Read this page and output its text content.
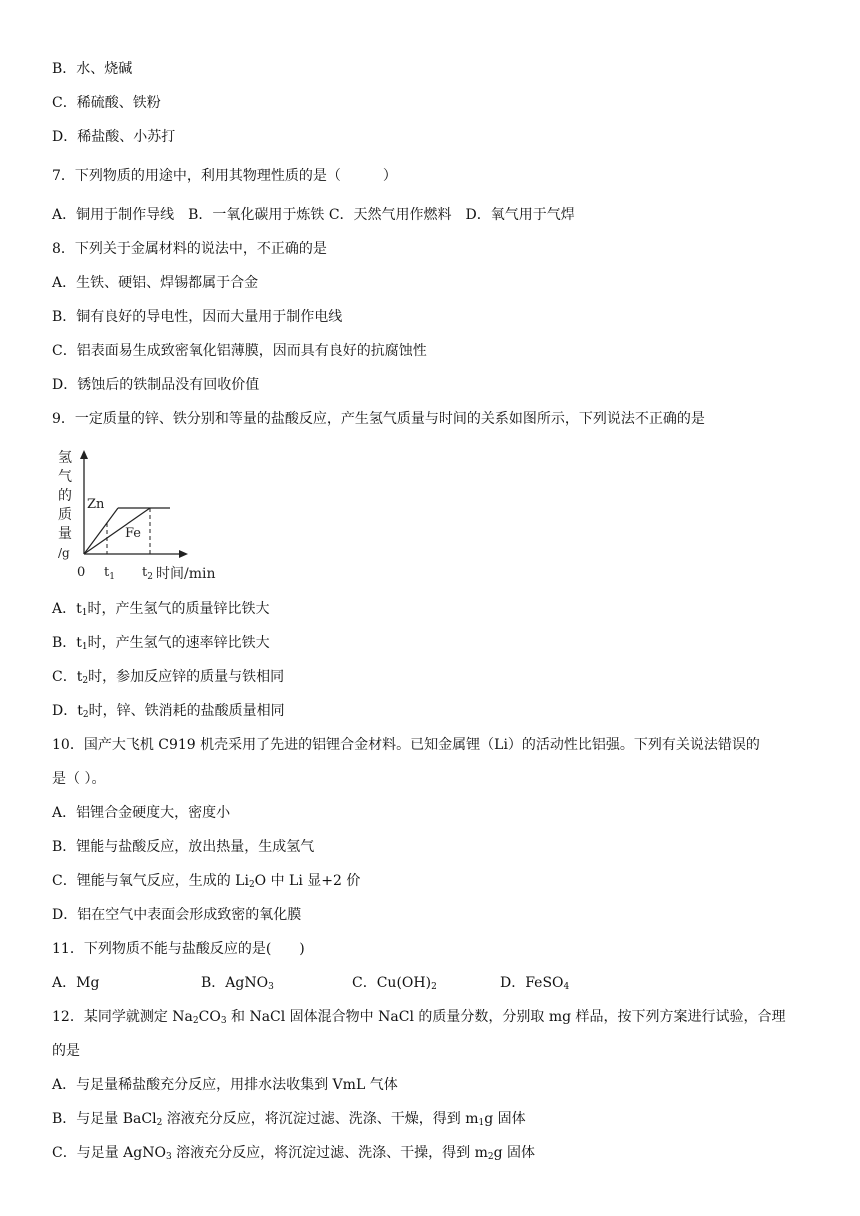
B．水、烧碱
C．稀硫酸、铁粉
D．稀盐酸、小苏打
7．下列物质的用途中，利用其物理性质的是（　　　）
A．铜用于制作导线　B．一氧化碳用于炼铁 C．天然气用作燃料　D．氧气用于气焊
8．下列关于金属材料的说法中，不正确的是
A．生铁、硬铝、焊锡都属于合金
B．铜有良好的导电性，因而大量用于制作电线
C．铝表面易生成致密氧化铝薄膜，因而具有良好的抗腐蚀性
D．锈蚀后的铁制品没有回收价值
9．一定质量的锌、铁分别和等量的盐酸反应，产生氢气质量与时间的关系如图所示，下列说法不正确的是
氢
气
的
质
量
/g
Zn
Fe
0 $t_1$ $t_2$ 时间/min
A．$t_1$时，产生氢气的质量锌比铁大
B．$t_1$时，产生氢气的速率锌比铁大
C．$t_2$时，参加反应锌的质量与铁相同
D．$t_2$时，锌、铁消耗的盐酸质量相同
10．国产大飞机 C919 机壳采用了先进的铝锂合金材料。已知金属锂（Li）的活动性比铝强。下列有关说法错误的
是（ ）。
A．铝锂合金硬度大，密度小
B．锂能与盐酸反应，放出热量，生成氢气
C．锂能与氧气反应，生成的 $Li_2O$ 中 Li 显+2 价
D．铝在空气中表面会形成致密的氧化膜
11．下列物质不能与盐酸反应的是(　　)
A．Mg	B．AgNO$_3$	C．$Cu(OH)_2$	D．FeSO$_4$
12．某同学就测定 $Na_2CO_3$ 和 NaCl 固体混合物中 NaCl 的质量分数，分别取 mg 样品，按下列方案进行试验，合理
的是
A．与足量稀盐酸充分反应，用排水法收集到 VmL 气体
B．与足量 BaCl$_2$ 溶液充分反应，将沉淀过滤、洗涤、干燥，得到 $m_1g$ 固体
C．与足量 AgNO$_3$ 溶液充分反应，将沉淀过滤、洗涤、干操，得到 $m_2g$ 固体
